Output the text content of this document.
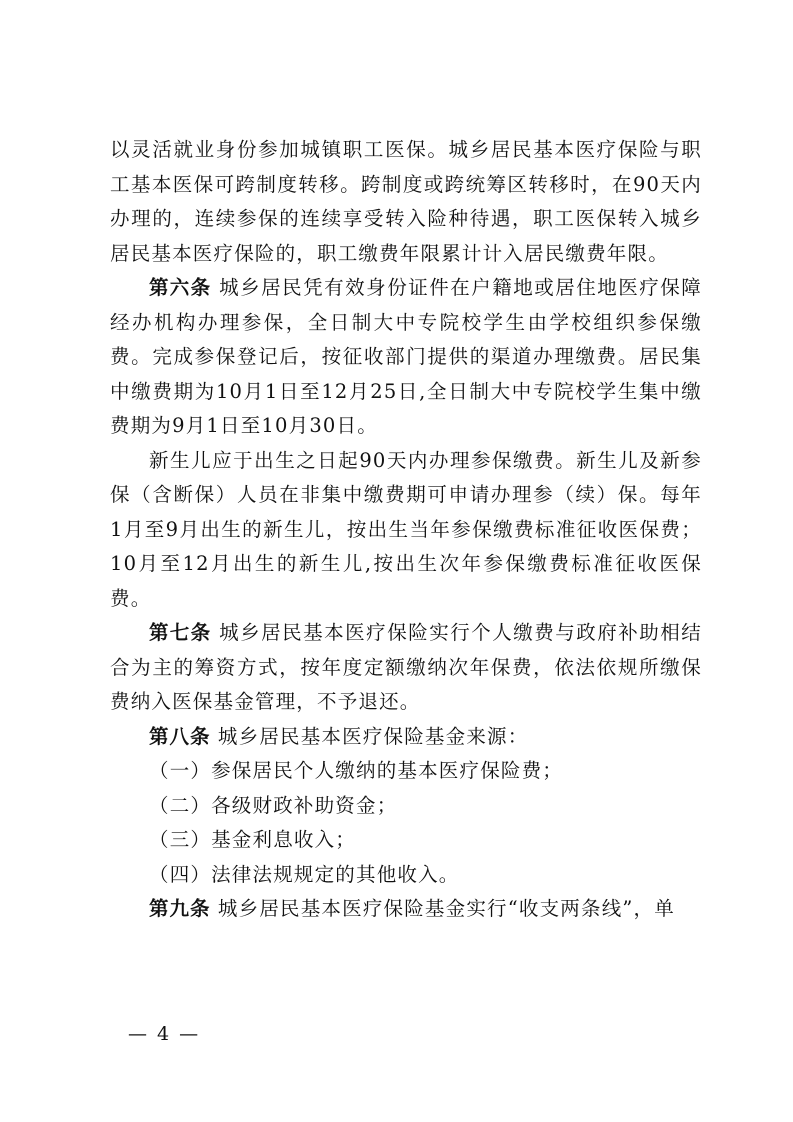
以灵活就业身份参加城镇职工医保。城乡居民基本医疗保险与职工基本医保可跨制度转移。跨制度或跨统筹区转移时，在90天内办理的，连续参保的连续享受转入险种待遇，职工医保转入城乡居民基本医疗保险的，职工缴费年限累计计入居民缴费年限。

第六条 城乡居民凭有效身份证件在户籍地或居住地医疗保障经办机构办理参保，全日制大中专院校学生由学校组织参保缴费。完成参保登记后，按征收部门提供的渠道办理缴费。居民集中缴费期为10月1日至12月25日,全日制大中专院校学生集中缴费期为9月1日至10月30日。

新生儿应于出生之日起90天内办理参保缴费。新生儿及新参保（含断保）人员在非集中缴费期可申请办理参（续）保。每年1月至9月出生的新生儿，按出生当年参保缴费标准征收医保费；10月至12月出生的新生儿,按出生次年参保缴费标准征收医保费。

第七条 城乡居民基本医疗保险实行个人缴费与政府补助相结合为主的筹资方式，按年度定额缴纳次年保费，依法依规所缴保费纳入医保基金管理，不予退还。

第八条 城乡居民基本医疗保险基金来源：

（一）参保居民个人缴纳的基本医疗保险费；

（二）各级财政补助资金；

（三）基金利息收入；

（四）法律法规规定的其他收入。

第九条 城乡居民基本医疗保险基金实行“收支两条线”，单

— 4 —
